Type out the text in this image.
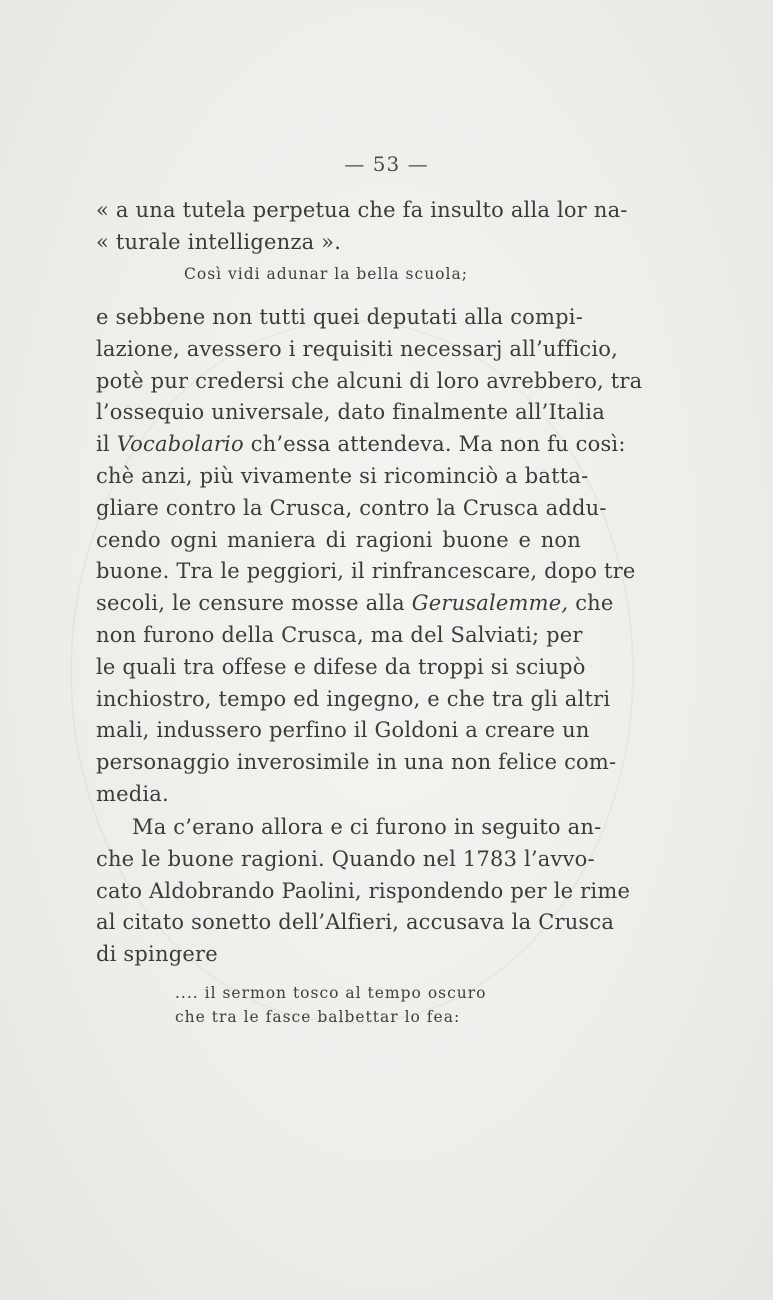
— 53 —
« a una tutela perpetua che fa insulto alla lor na-
« turale intelligenza ».
Così vidi adunar la bella scuola;
e sebbene non tutti quei deputati alla compi-
lazione, avessero i requisiti necessarj all’ufficio,
potè pur credersi che alcuni di loro avrebbero, tra
l’ossequio universale, dato finalmente all’Italia
il Vocabolario ch’essa attendeva. Ma non fu così:
chè anzi, più vivamente si ricominciò a batta-
gliare contro la Crusca, contro la Crusca addu-
cendo ogni maniera di ragioni buone e non
buone. Tra le peggiori, il rinfrancescare, dopo tre
secoli, le censure mosse alla Gerusalemme, che
non furono della Crusca, ma del Salviati; per
le quali tra offese e difese da troppi si sciupò
inchiostro, tempo ed ingegno, e che tra gli altri
mali, indussero perfino il Goldoni a creare un
personaggio inverosimile in una non felice com-
media.
Ma c’erano allora e ci furono in seguito an-
che le buone ragioni. Quando nel 1783 l’avvo-
cato Aldobrando Paolini, rispondendo per le rime
al citato sonetto dell’Alfieri, accusava la Crusca
di spingere
.... il sermon tosco al tempo oscuro
che tra le fasce balbettar lo fea:
